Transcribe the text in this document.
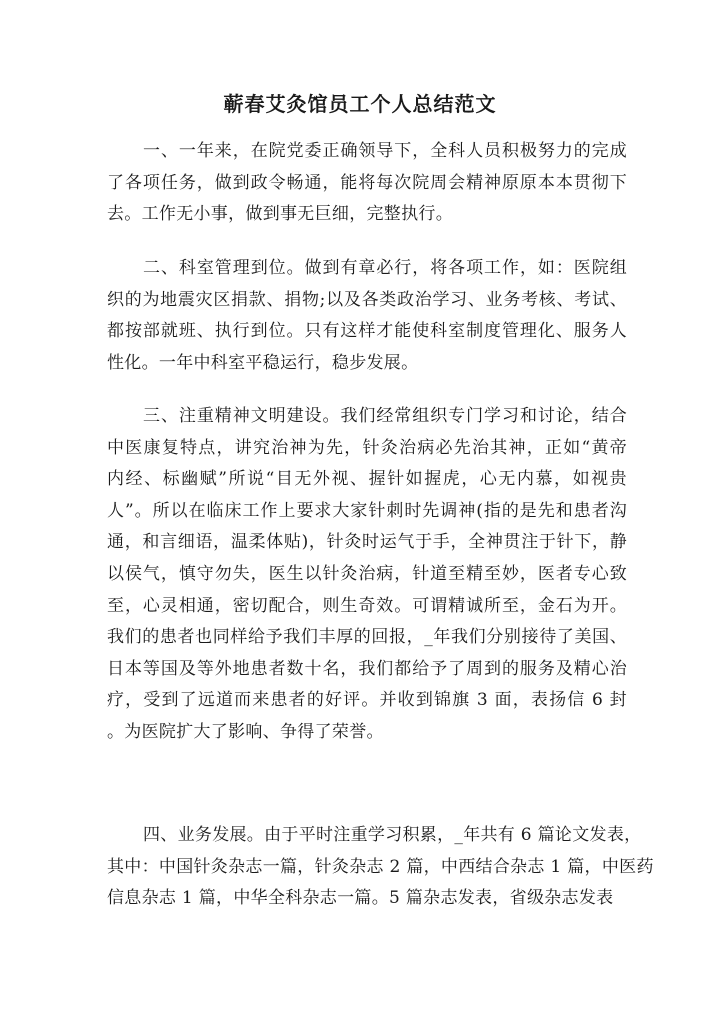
蕲春艾灸馆员工个人总结范文
一、一年来，在院党委正确领导下，全科人员积极努力的完成
了各项任务，做到政令畅通，能将每次院周会精神原原本本贯彻下
去。工作无小事，做到事无巨细，完整执行。
二、科室管理到位。做到有章必行，将各项工作，如：医院组
织的为地震灾区捐款、捐物;以及各类政治学习、业务考核、考试、
都按部就班、执行到位。只有这样才能使科室制度管理化、服务人
性化。一年中科室平稳运行，稳步发展。
三、注重精神文明建设。我们经常组织专门学习和讨论，结合
中医康复特点，讲究治神为先，针灸治病必先治其神，正如“黄帝
内经、标幽赋”所说“目无外视、握针如握虎，心无内慕，如视贵
人”。所以在临床工作上要求大家针刺时先调神(指的是先和患者沟
通，和言细语，温柔体贴)，针灸时运气于手，全神贯注于针下，静
以侯气，慎守勿失，医生以针灸治病，针道至精至妙，医者专心致
至，心灵相通，密切配合，则生奇效。可谓精诚所至，金石为开。
我们的患者也同样给予我们丰厚的回报，_年我们分别接待了美国、
日本等国及等外地患者数十名，我们都给予了周到的服务及精心治
疗，受到了远道而来患者的好评。并收到锦旗 3 面，表扬信 6 封
。为医院扩大了影响、争得了荣誉。
四、业务发展。由于平时注重学习积累，_年共有 6 篇论文发表，
其中：中国针灸杂志一篇，针灸杂志 2 篇，中西结合杂志 1 篇，中医药
信息杂志 1 篇，中华全科杂志一篇。5 篇杂志发表，省级杂志发表
